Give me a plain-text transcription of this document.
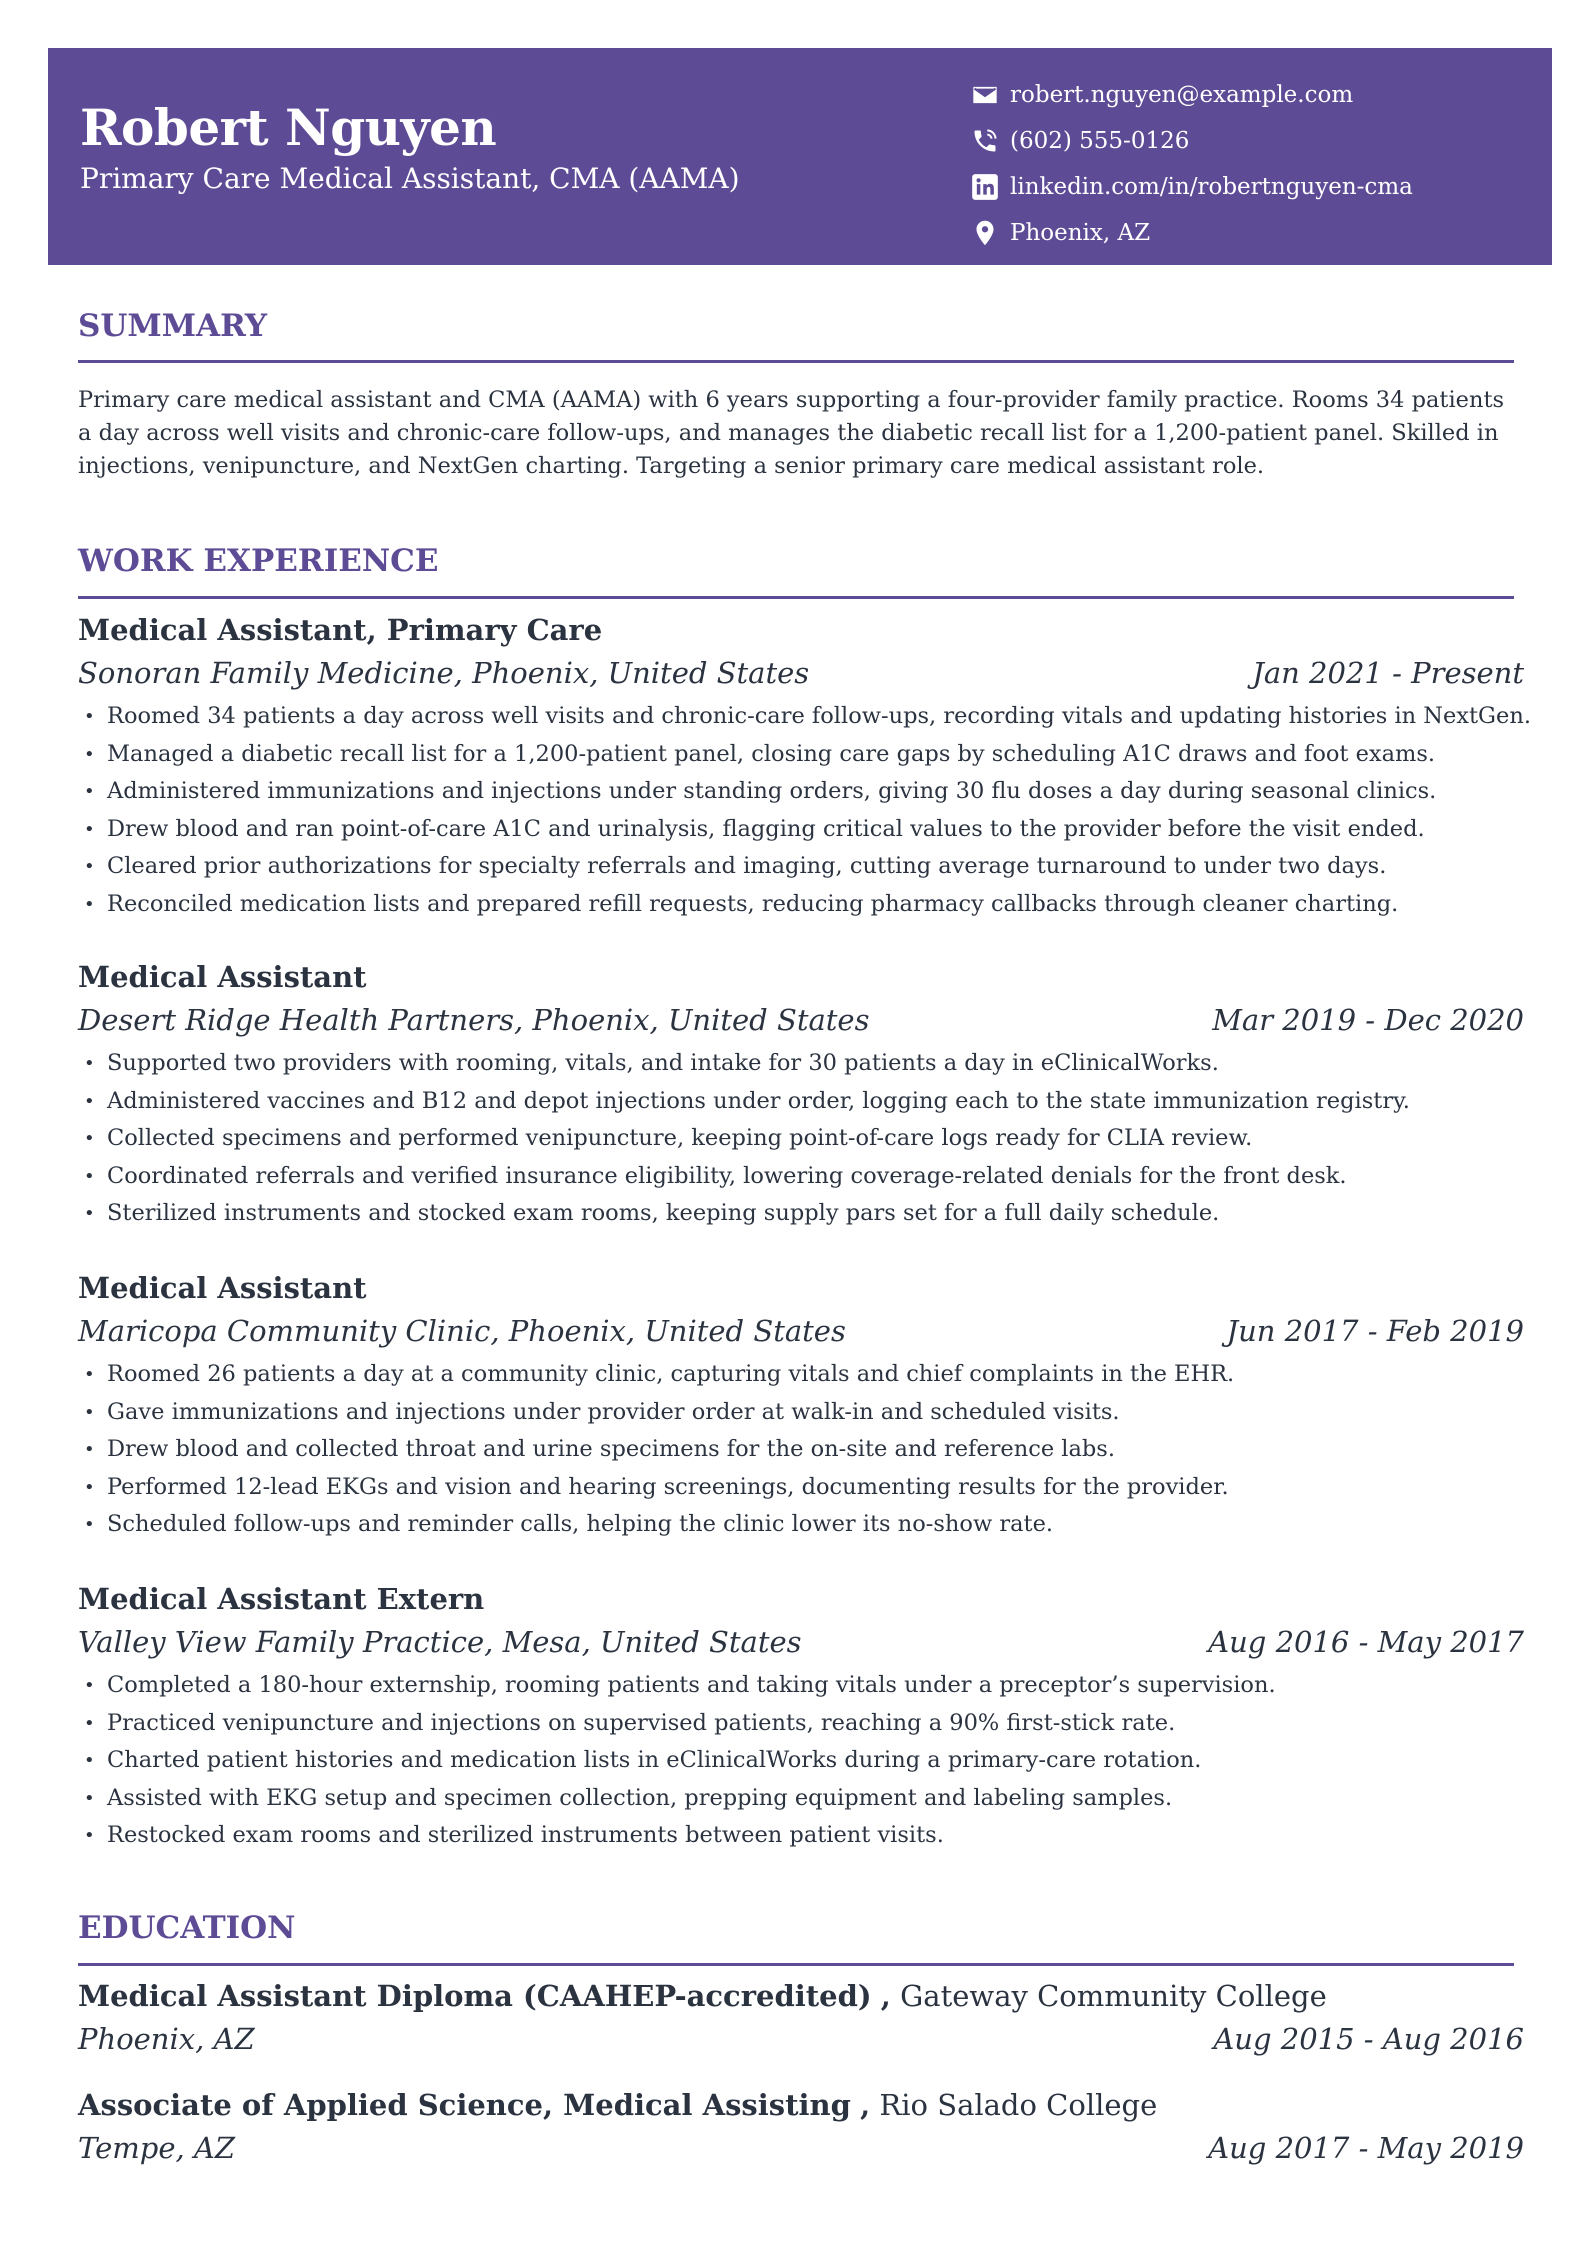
Robert Nguyen
Primary Care Medical Assistant, CMA (AAMA)
robert.nguyen@example.com
(602) 555-0126
linkedin.com/in/robertnguyen-cma
Phoenix, AZ
SUMMARY
Primary care medical assistant and CMA (AAMA) with 6 years supporting a four-provider family practice. Rooms 34 patients a day across well visits and chronic-care follow-ups, and manages the diabetic recall list for a 1,200-patient panel. Skilled in injections, venipuncture, and NextGen charting. Targeting a senior primary care medical assistant role.
WORK EXPERIENCE
Medical Assistant, Primary Care
Sonoran Family Medicine, Phoenix, United States	Jan 2021 - Present
• Roomed 34 patients a day across well visits and chronic-care follow-ups, recording vitals and updating histories in NextGen.
• Managed a diabetic recall list for a 1,200-patient panel, closing care gaps by scheduling A1C draws and foot exams.
• Administered immunizations and injections under standing orders, giving 30 flu doses a day during seasonal clinics.
• Drew blood and ran point-of-care A1C and urinalysis, flagging critical values to the provider before the visit ended.
• Cleared prior authorizations for specialty referrals and imaging, cutting average turnaround to under two days.
• Reconciled medication lists and prepared refill requests, reducing pharmacy callbacks through cleaner charting.
Medical Assistant
Desert Ridge Health Partners, Phoenix, United States	Mar 2019 - Dec 2020
• Supported two providers with rooming, vitals, and intake for 30 patients a day in eClinicalWorks.
• Administered vaccines and B12 and depot injections under order, logging each to the state immunization registry.
• Collected specimens and performed venipuncture, keeping point-of-care logs ready for CLIA review.
• Coordinated referrals and verified insurance eligibility, lowering coverage-related denials for the front desk.
• Sterilized instruments and stocked exam rooms, keeping supply pars set for a full daily schedule.
Medical Assistant
Maricopa Community Clinic, Phoenix, United States	Jun 2017 - Feb 2019
• Roomed 26 patients a day at a community clinic, capturing vitals and chief complaints in the EHR.
• Gave immunizations and injections under provider order at walk-in and scheduled visits.
• Drew blood and collected throat and urine specimens for the on-site and reference labs.
• Performed 12-lead EKGs and vision and hearing screenings, documenting results for the provider.
• Scheduled follow-ups and reminder calls, helping the clinic lower its no-show rate.
Medical Assistant Extern
Valley View Family Practice, Mesa, United States	Aug 2016 - May 2017
• Completed a 180-hour externship, rooming patients and taking vitals under a preceptor’s supervision.
• Practiced venipuncture and injections on supervised patients, reaching a 90% first-stick rate.
• Charted patient histories and medication lists in eClinicalWorks during a primary-care rotation.
• Assisted with EKG setup and specimen collection, prepping equipment and labeling samples.
• Restocked exam rooms and sterilized instruments between patient visits.
EDUCATION
Medical Assistant Diploma (CAAHEP-accredited) , Gateway Community College
Phoenix, AZ	Aug 2015 - Aug 2016
Associate of Applied Science, Medical Assisting , Rio Salado College
Tempe, AZ	Aug 2017 - May 2019
